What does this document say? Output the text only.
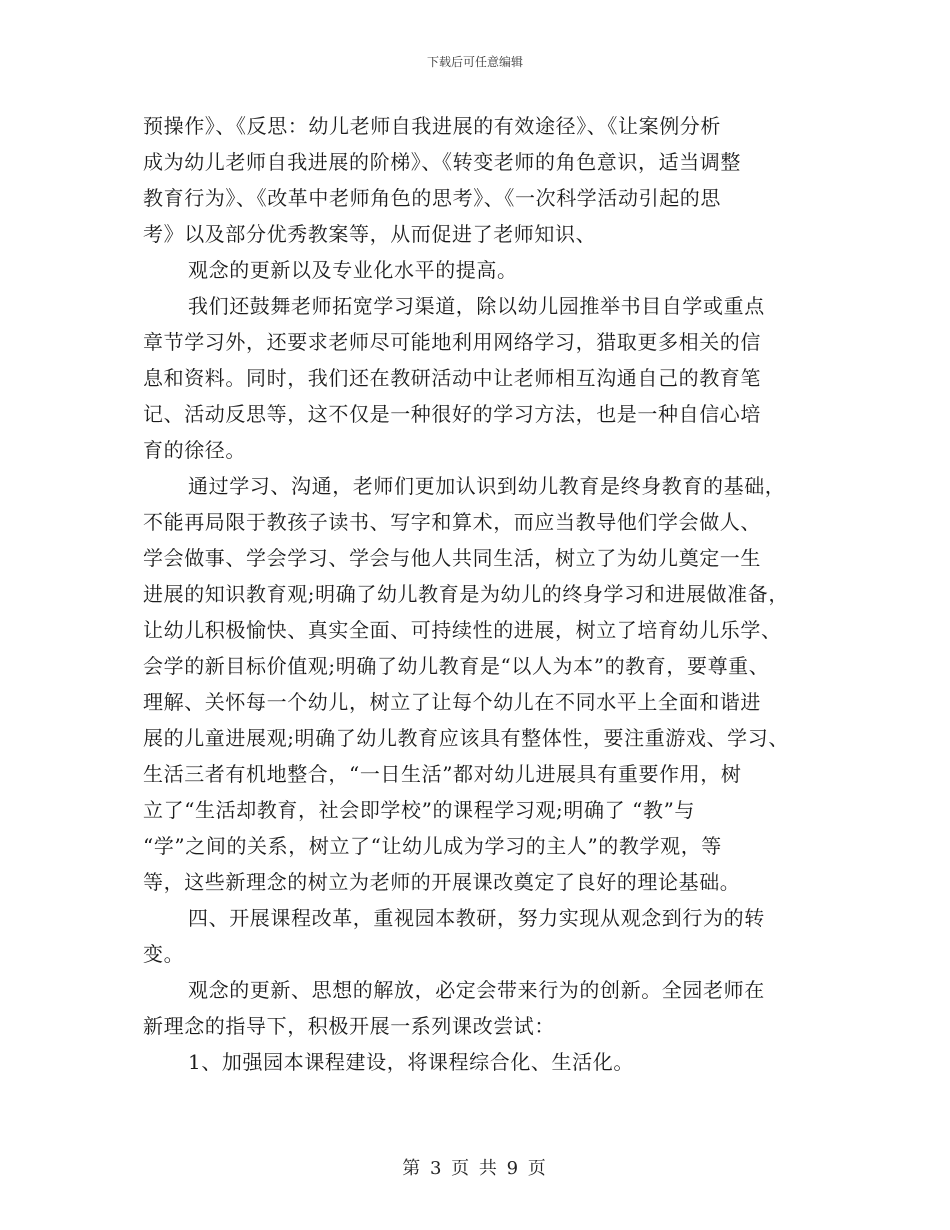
下载后可任意编辑
预操作》、《反思：幼儿老师自我进展的有效途径》、《让案例分析
成为幼儿老师自我进展的阶梯》、《转变老师的角色意识，适当调整
教育行为》、《改革中老师角色的思考》、《一次科学活动引起的思
考》以及部分优秀教案等，从而促进了老师知识、
观念的更新以及专业化水平的提高。
我们还鼓舞老师拓宽学习渠道，除以幼儿园推举书目自学或重点
章节学习外，还要求老师尽可能地利用网络学习，猎取更多相关的信
息和资料。同时，我们还在教研活动中让老师相互沟通自己的教育笔
记、活动反思等，这不仅是一种很好的学习方法，也是一种自信心培
育的徐径。
通过学习、沟通，老师们更加认识到幼儿教育是终身教育的基础，
不能再局限于教孩子读书、写字和算术，而应当教导他们学会做人、
学会做事、学会学习、学会与他人共同生活，树立了为幼儿奠定一生
进展的知识教育观;明确了幼儿教育是为幼儿的终身学习和进展做准备，
让幼儿积极愉快、真实全面、可持续性的进展，树立了培育幼儿乐学、
会学的新目标价值观;明确了幼儿教育是“以人为本”的教育，要尊重、
理解、关怀每一个幼儿，树立了让每个幼儿在不同水平上全面和谐进
展的儿童进展观;明确了幼儿教育应该具有整体性，要注重游戏、学习、
生活三者有机地整合，“一日生活”都对幼儿进展具有重要作用，树
立了“生活却教育，社会即学校”的课程学习观;明确了 “教”与
“学”之间的关系，树立了“让幼儿成为学习的主人”的教学观，等
等，这些新理念的树立为老师的开展课改奠定了良好的理论基础。
四、开展课程改革，重视园本教研，努力实现从观念到行为的转
变。
观念的更新、思想的解放，必定会带来行为的创新。全园老师在
新理念的指导下，积极开展一系列课改尝试：
1、加强园本课程建设，将课程综合化、生活化。
第 3 页 共 9 页
